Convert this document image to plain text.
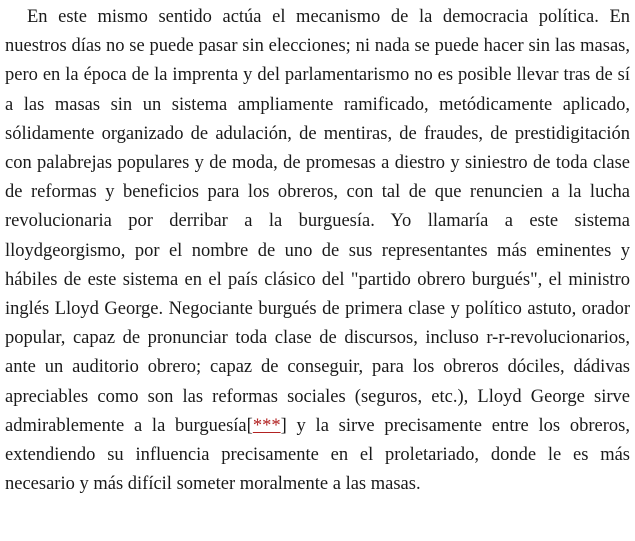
En este mismo sentido actúa el mecanismo de la democracia política. En nuestros días no se puede pasar sin elecciones; ni nada se puede hacer sin las masas, pero en la época de la imprenta y del parlamentarismo no es posible llevar tras de sí a las masas sin un sistema ampliamente ramificado, metódicamente aplicado, sólidamente organizado de adulación, de mentiras, de fraudes, de prestidigitación con palabrejas populares y de moda, de promesas a diestro y siniestro de toda clase de reformas y beneficios para los obreros, con tal de que renuncien a la lucha revolucionaria por derribar a la burguesía. Yo llamaría a este sistema lloydgeorgismo, por el nombre de uno de sus representantes más eminentes y hábiles de este sistema en el país clásico del "partido obrero burgués", el ministro inglés Lloyd George. Negociante burgués de primera clase y político astuto, orador popular, capaz de pronunciar toda clase de discursos, incluso r-r-revolucionarios, ante un auditorio obrero; capaz de conseguir, para los obreros dóciles, dádivas apreciables como son las reformas sociales (seguros, etc.), Lloyd George sirve admirablemente a la burguesía[***] y la sirve precisamente entre los obreros, extendiendo su influencia precisamente en el proletariado, donde le es más necesario y más difícil someter moralmente a las masas.
